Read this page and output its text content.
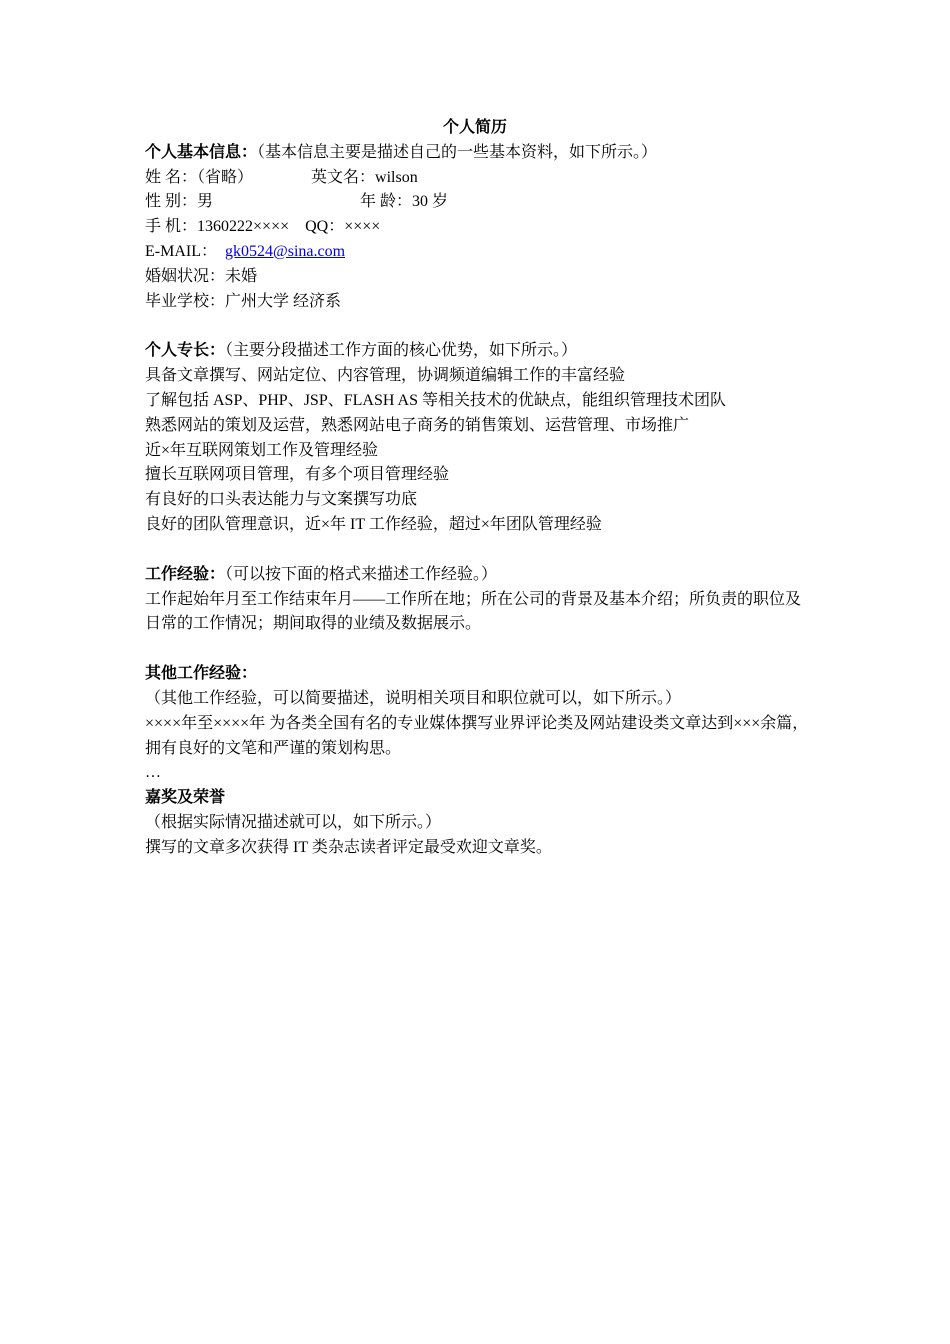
个人简历
个人基本信息：（基本信息主要是描述自己的一些基本资料，如下所示。）
姓 名：（省略）	英文名：wilson
性 别：男	年 龄：30 岁
手 机：1360222×××× QQ：××××
E-MAIL： gk0524@sina.com
婚姻状况：未婚
毕业学校：广州大学 经济系
个人专长：（主要分段描述工作方面的核心优势，如下所示。）
具备文章撰写、网站定位、内容管理，协调频道编辑工作的丰富经验
了解包括 ASP、PHP、JSP、FLASH AS 等相关技术的优缺点，能组织管理技术团队
熟悉网站的策划及运营，熟悉网站电子商务的销售策划、运营管理、市场推广
近×年互联网策划工作及管理经验
擅长互联网项目管理，有多个项目管理经验
有良好的口头表达能力与文案撰写功底
良好的团队管理意识，近×年 IT 工作经验，超过×年团队管理经验
工作经验：（可以按下面的格式来描述工作经验。）
工作起始年月至工作结束年月——工作所在地；所在公司的背景及基本介绍；所负责的职位及日常的工作情况；期间取得的业绩及数据展示。
其他工作经验：
（其他工作经验，可以简要描述，说明相关项目和职位就可以，如下所示。）
××××年至××××年 为各类全国有名的专业媒体撰写业界评论类及网站建设类文章达到×××余篇，拥有良好的文笔和严谨的策划构思。
…
嘉奖及荣誉
（根据实际情况描述就可以，如下所示。）
撰写的文章多次获得 IT 类杂志读者评定最受欢迎文章奖。
